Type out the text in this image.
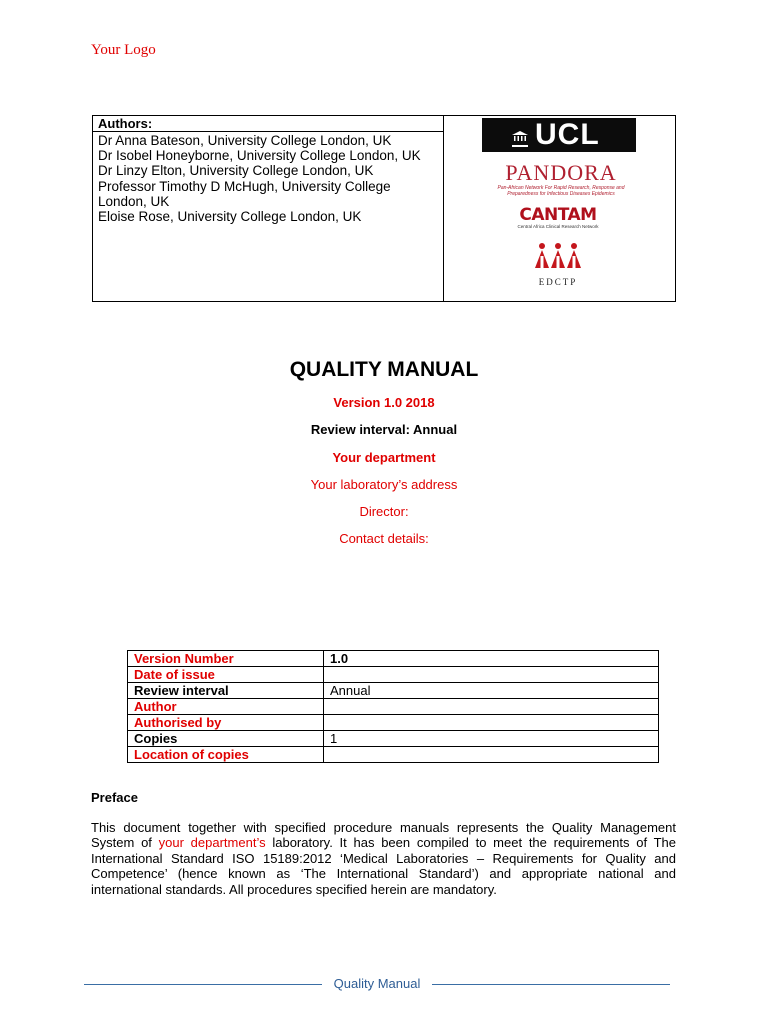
Your Logo
Authors:
Dr Anna Bateson, University College London, UK
Dr Isobel Honeyborne, University College London, UK
Dr Linzy Elton, University College London, UK
Professor Timothy D McHugh, University College London, UK
Eloise Rose, University College London, UK
UCL
PANDORA
Pan-African Network For Rapid Research, Response and Preparedness for Infectious Diseases Epidemics
CANTAM
Central Africa Clinical Research Network
EDCTP
QUALITY MANUAL
Version 1.0 2018
Review interval: Annual
Your department
Your laboratory’s address
Director:
Contact details:
Version Number	1.0
Date of issue	
Review interval	Annual
Author	
Authorised by	
Copies	1
Location of copies	
Preface
This document together with specified procedure manuals represents the Quality Management System of your department’s laboratory. It has been compiled to meet the requirements of The International Standard ISO 15189:2012 ‘Medical Laboratories – Requirements for Quality and Competence’ (hence known as ‘The International Standard’) and appropriate national and international standards. All procedures specified herein are mandatory.
Quality Manual
